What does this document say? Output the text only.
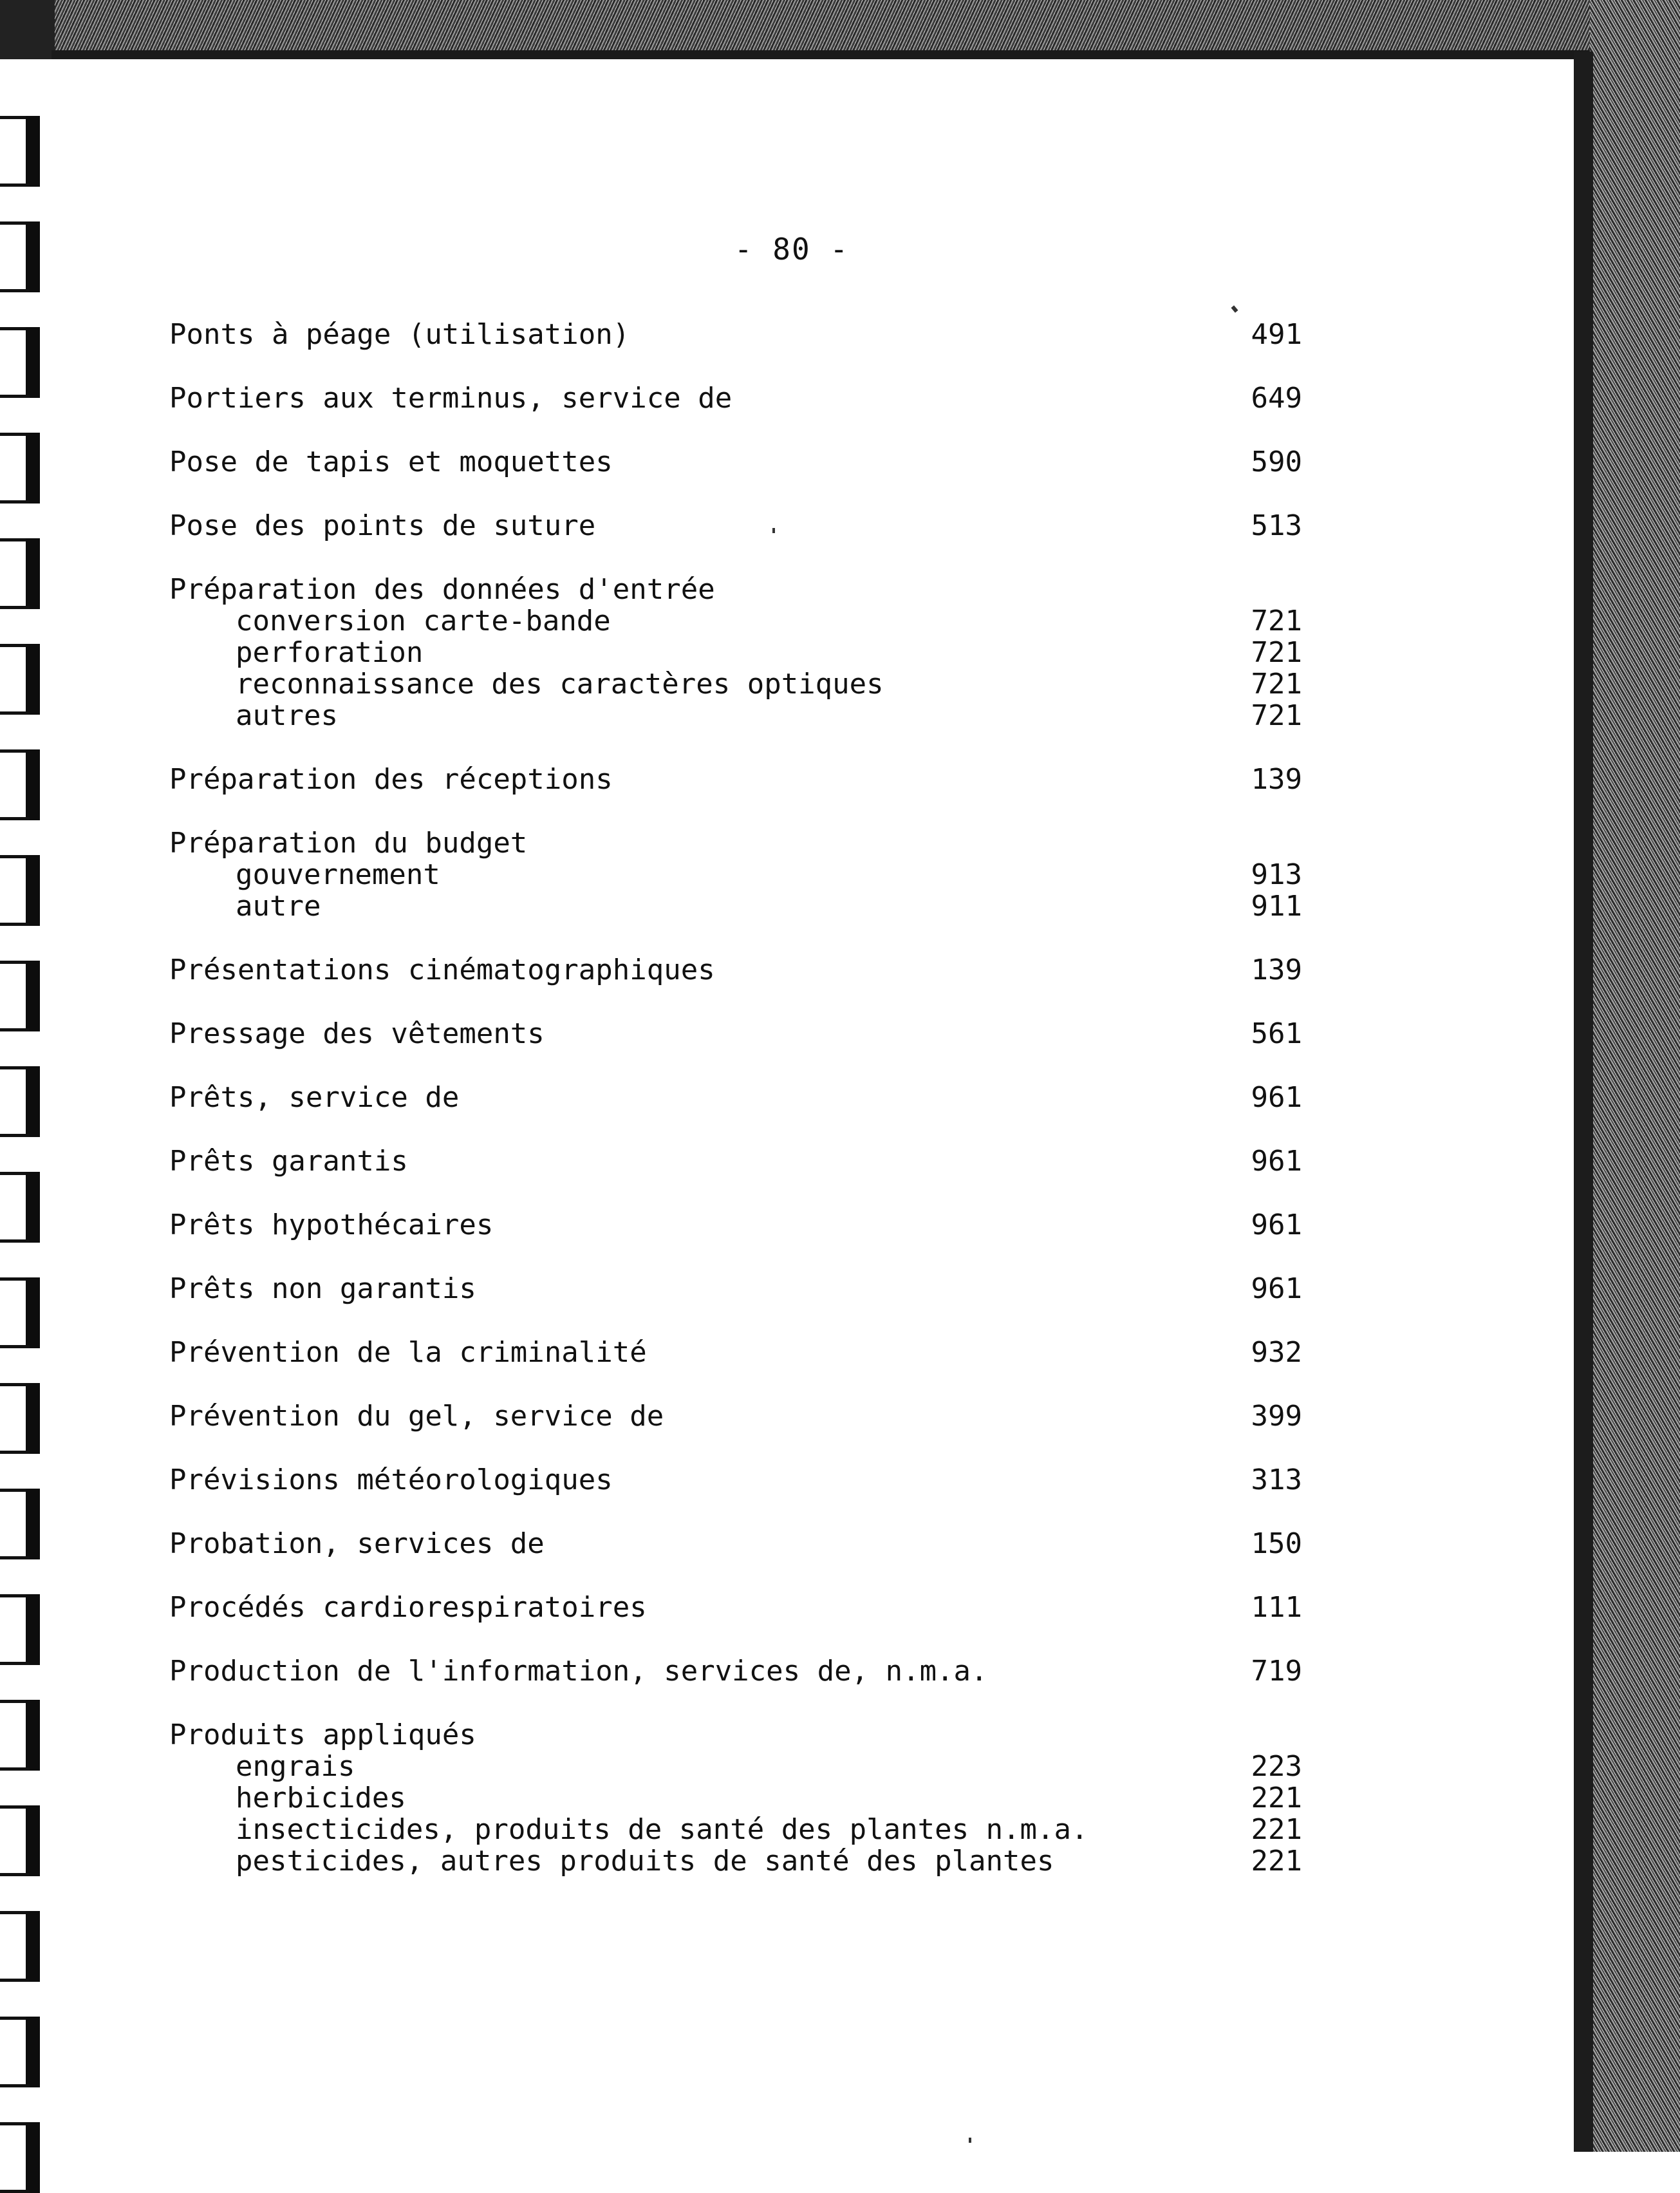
- 80 -
Ponts à péage (utilisation)	491
Portiers aux terminus, service de	649
Pose de tapis et moquettes	590
Pose des points de suture	513
Préparation des données d'entrée
conversion carte-bande	721
perforation	721
reconnaissance des caractères optiques	721
autres	721
Préparation des réceptions	139
Préparation du budget
gouvernement	913
autre	911
Présentations cinématographiques	139
Pressage des vêtements	561
Prêts, service de	961
Prêts garantis	961
Prêts hypothécaires	961
Prêts non garantis	961
Prévention de la criminalité	932
Prévention du gel, service de	399
Prévisions météorologiques	313
Probation, services de	150
Procédés cardiorespiratoires	111
Production de l'information, services de, n.m.a.	719
Produits appliqués
engrais	223
herbicides	221
insecticides, produits de santé des plantes n.m.a.	221
pesticides, autres produits de santé des plantes	221
